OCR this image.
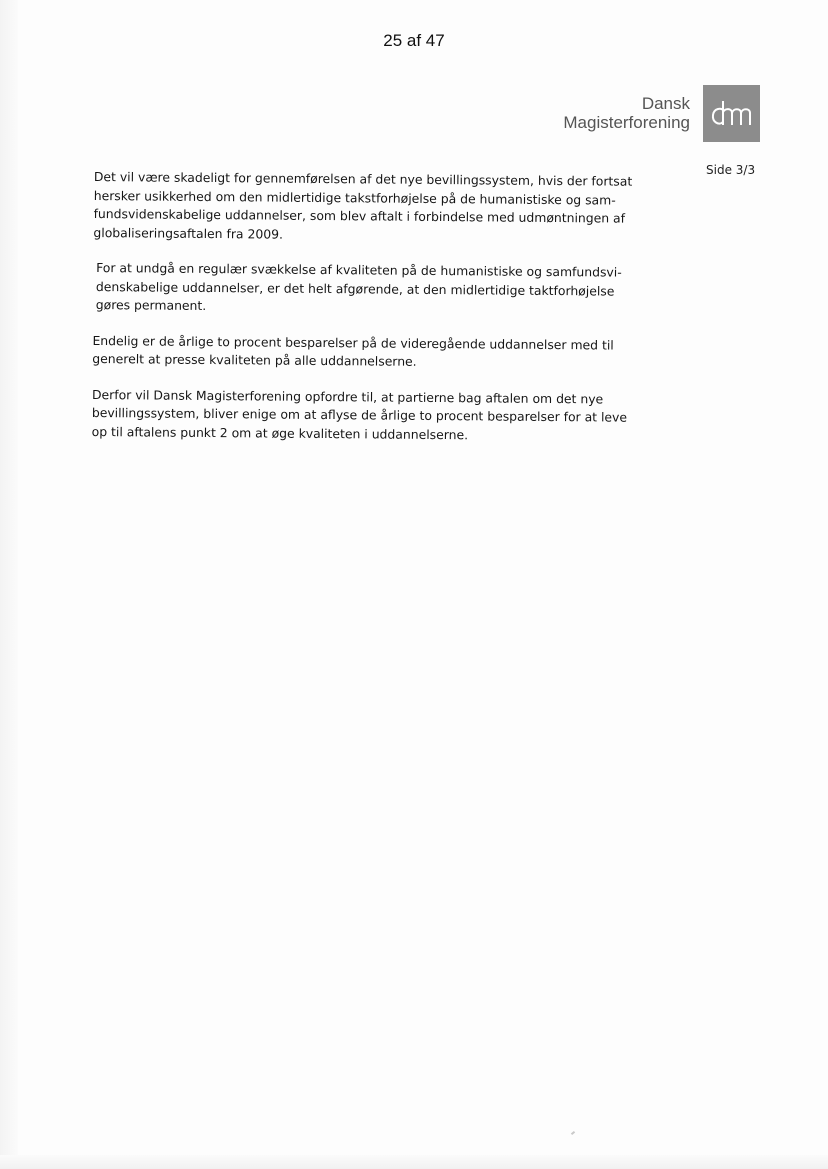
25 af 47
Dansk
Magisterforening
Side 3/3

Det vil være skadeligt for gennemførelsen af det nye bevillingssystem, hvis der fortsat
hersker usikkerhed om den midlertidige takstforhøjelse på de humanistiske og sam-
fundsvidenskabelige uddannelser, som blev aftalt i forbindelse med udmøntningen af
globaliseringsaftalen fra 2009.

For at undgå en regulær svækkelse af kvaliteten på de humanistiske og samfundsvi-
denskabelige uddannelser, er det helt afgørende, at den midlertidige taktforhøjelse
gøres permanent.

Endelig er de årlige to procent besparelser på de videregående uddannelser med til
generelt at presse kvaliteten på alle uddannelserne.

Derfor vil Dansk Magisterforening opfordre til, at partierne bag aftalen om det nye
bevillingssystem, bliver enige om at aflyse de årlige to procent besparelser for at leve
op til aftalens punkt 2 om at øge kvaliteten i uddannelserne.
